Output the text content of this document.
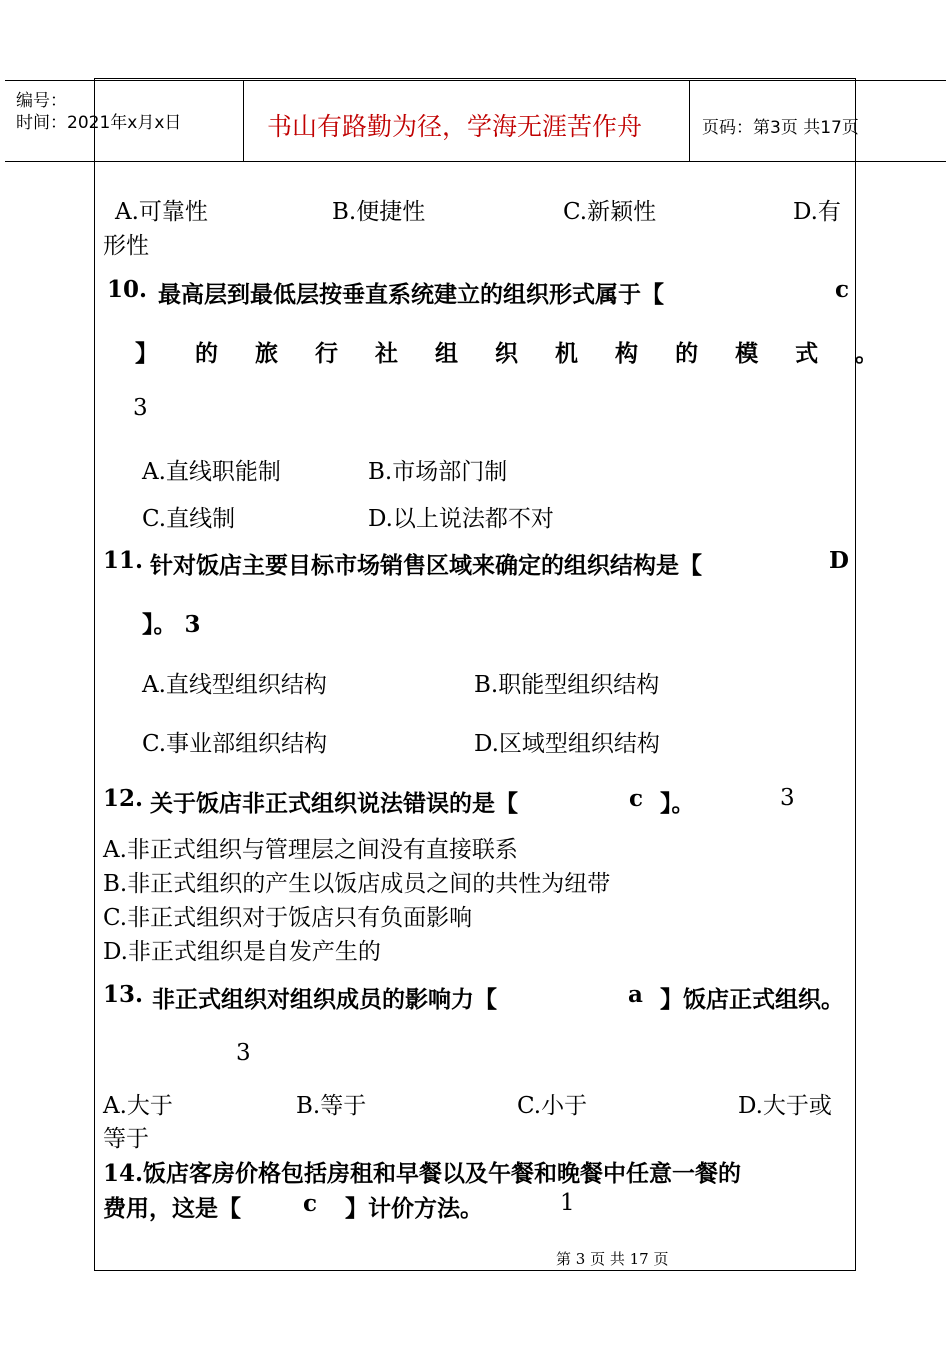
编号：
时间：2021年x月x日	书山有路勤为径，学海无涯苦作舟	页码：第3页 共17页
A.可靠性	B.便捷性	C.新颖性	D.有
形性
10. 最高层到最低层按垂直系统建立的组织形式属于【	c
】 的 旅 行 社 组 织 机 构 的 模 式 。
3
A.直线职能制	B.市场部门制
C.直线制	D.以上说法都不对
11. 针对饭店主要目标市场销售区域来确定的组织结构是【	D
】。 3
A.直线型组织结构	B.职能型组织结构
C.事业部组织结构	D.区域型组织结构
12. 关于饭店非正式组织说法错误的是【	c 】。	3
A.非正式组织与管理层之间没有直接联系
B.非正式组织的产生以饭店成员之间的共性为纽带
C.非正式组织对于饭店只有负面影响
D.非正式组织是自发产生的
13. 非正式组织对组织成员的影响力【	a 】饭店正式组织。
3
A.大于	B.等于	C.小于	D.大于或
等于
14.饭店客房价格包括房租和早餐以及午餐和晚餐中任意一餐的
费用，这是【	c 】计价方法。	1
第 3 页 共 17 页
